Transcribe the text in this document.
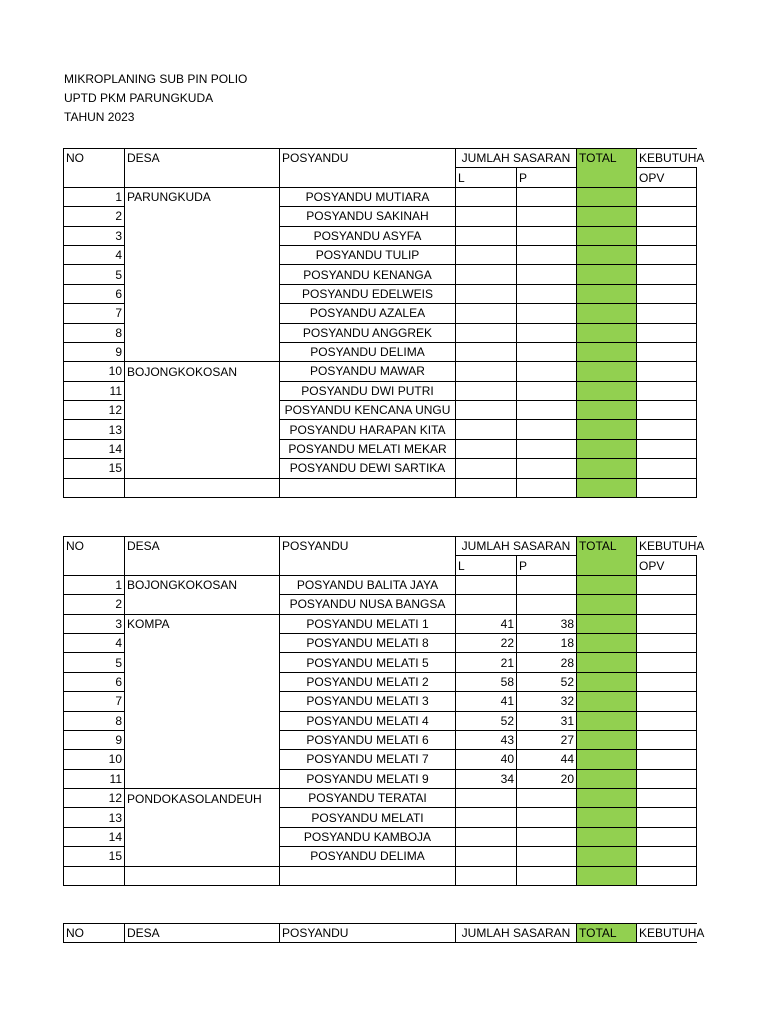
MIKROPLANING SUB PIN POLIO
UPTD PKM PARUNGKUDA
TAHUN 2023
NO	DESA	POSYANDU	JUMLAH SASARAN		TOTAL	KEBUTUHA
			L	P		OPV
1	PARUNGKUDA	POSYANDU MUTIARA				
2		POSYANDU SAKINAH				
3		POSYANDU ASYFA				
4		POSYANDU TULIP				
5		POSYANDU KENANGA				
6		POSYANDU EDELWEIS				
7		POSYANDU AZALEA				
8		POSYANDU ANGGREK				
9		POSYANDU DELIMA				
10	BOJONGKOKOSAN	POSYANDU MAWAR				
11		POSYANDU DWI PUTRI				
12		POSYANDU KENCANA UNGU				
13		POSYANDU HARAPAN KITA				
14		POSYANDU MELATI MEKAR				
15		POSYANDU DEWI SARTIKA				

NO	DESA	POSYANDU	JUMLAH SASARAN		TOTAL	KEBUTUHA
			L	P		OPV
1	BOJONGKOKOSAN	POSYANDU BALITA JAYA				
2		POSYANDU NUSA BANGSA				
3	KOMPA	POSYANDU MELATI 1	41	38		
4		POSYANDU MELATI 8	22	18		
5		POSYANDU MELATI 5	21	28		
6		POSYANDU MELATI 2	58	52		
7		POSYANDU MELATI 3	41	32		
8		POSYANDU MELATI 4	52	31		
9		POSYANDU MELATI 6	43	27		
10		POSYANDU MELATI 7	40	44		
11		POSYANDU MELATI 9	34	20		
12	PONDOKASOLANDEUH	POSYANDU TERATAI				
13		POSYANDU MELATI				
14		POSYANDU KAMBOJA				
15		POSYANDU DELIMA				

NO	DESA	POSYANDU	JUMLAH SASARAN	TOTAL	KEBUTUHA
